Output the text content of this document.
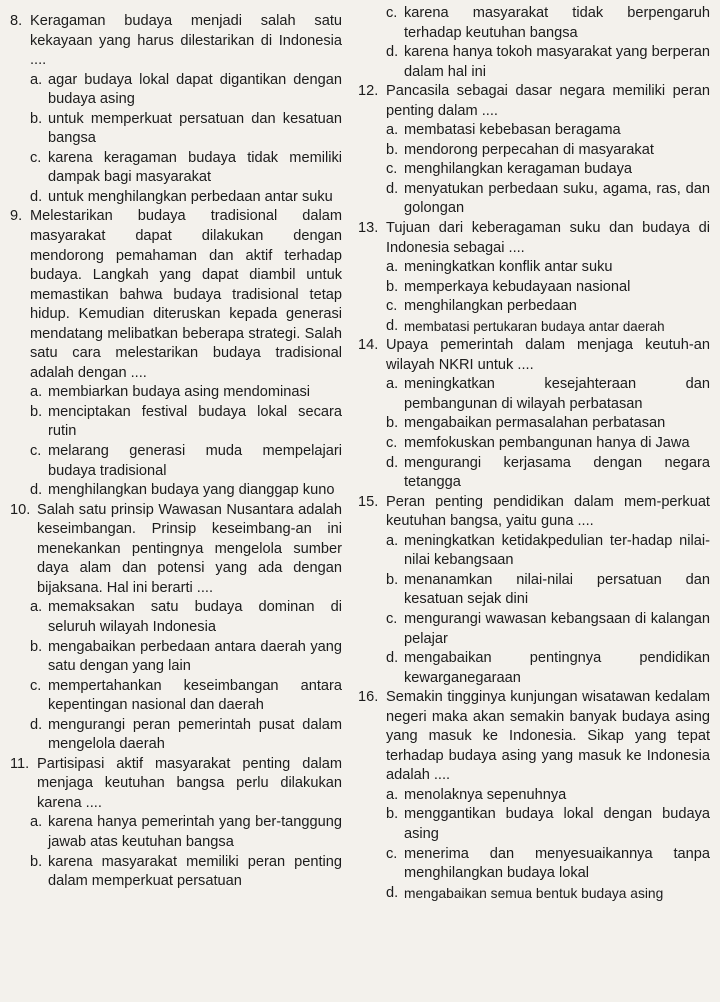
8. Keragaman budaya menjadi salah satu kekayaan yang harus dilestarikan di Indonesia ....
a. agar budaya lokal dapat digantikan dengan budaya asing
b. untuk memperkuat persatuan dan kesatuan bangsa
c. karena keragaman budaya tidak memiliki dampak bagi masyarakat
d. untuk menghilangkan perbedaan antar suku
9. Melestarikan budaya tradisional dalam masyarakat dapat dilakukan dengan mendorong pemahaman dan aktif terhadap budaya. Langkah yang dapat diambil untuk memastikan bahwa budaya tradisional tetap hidup. Kemudian diteruskan kepada generasi mendatang melibatkan beberapa strategi. Salah satu cara melestarikan budaya tradisional adalah dengan ....
a. membiarkan budaya asing mendominasi
b. menciptakan festival budaya lokal secara rutin
c. melarang generasi muda mempelajari budaya tradisional
d. menghilangkan budaya yang dianggap kuno
10. Salah satu prinsip Wawasan Nusantara adalah keseimbangan. Prinsip keseimbang-an ini menekankan pentingnya mengelola sumber daya alam dan potensi yang ada dengan bijaksana. Hal ini berarti ....
a. memaksakan satu budaya dominan di seluruh wilayah Indonesia
b. mengabaikan perbedaan antara daerah yang satu dengan yang lain
c. mempertahankan keseimbangan antara kepentingan nasional dan daerah
d. mengurangi peran pemerintah pusat dalam mengelola daerah
11. Partisipasi aktif masyarakat penting dalam menjaga keutuhan bangsa perlu dilakukan karena ....
a. karena hanya pemerintah yang ber-tanggung jawab atas keutuhan bangsa
b. karena masyarakat memiliki peran penting dalam memperkuat persatuan
c. karena masyarakat tidak berpengaruh terhadap keutuhan bangsa
d. karena hanya tokoh masyarakat yang berperan dalam hal ini
12. Pancasila sebagai dasar negara memiliki peran penting dalam ....
a. membatasi kebebasan beragama
b. mendorong perpecahan di masyarakat
c. menghilangkan keragaman budaya
d. menyatukan perbedaan suku, agama, ras, dan golongan
13. Tujuan dari keberagaman suku dan budaya di Indonesia sebagai ....
a. meningkatkan konflik antar suku
b. memperkaya kebudayaan nasional
c. menghilangkan perbedaan
d. membatasi pertukaran budaya antar daerah
14. Upaya pemerintah dalam menjaga keutuh-an wilayah NKRI untuk ....
a. meningkatkan kesejahteraan dan pembangunan di wilayah perbatasan
b. mengabaikan permasalahan perbatasan
c. memfokuskan pembangunan hanya di Jawa
d. mengurangi kerjasama dengan negara tetangga
15. Peran penting pendidikan dalam mem-perkuat keutuhan bangsa, yaitu guna ....
a. meningkatkan ketidakpedulian ter-hadap nilai-nilai kebangsaan
b. menanamkan nilai-nilai persatuan dan kesatuan sejak dini
c. mengurangi wawasan kebangsaan di kalangan pelajar
d. mengabaikan pentingnya pendidikan kewarganegaraan
16. Semakin tingginya kunjungan wisatawan kedalam negeri maka akan semakin banyak budaya asing yang masuk ke Indonesia. Sikap yang tepat terhadap budaya asing yang masuk ke Indonesia adalah ....
a. menolaknya sepenuhnya
b. menggantikan budaya lokal dengan budaya asing
c. menerima dan menyesuaikannya tanpa menghilangkan budaya lokal
d. mengabaikan semua bentuk budaya asing
